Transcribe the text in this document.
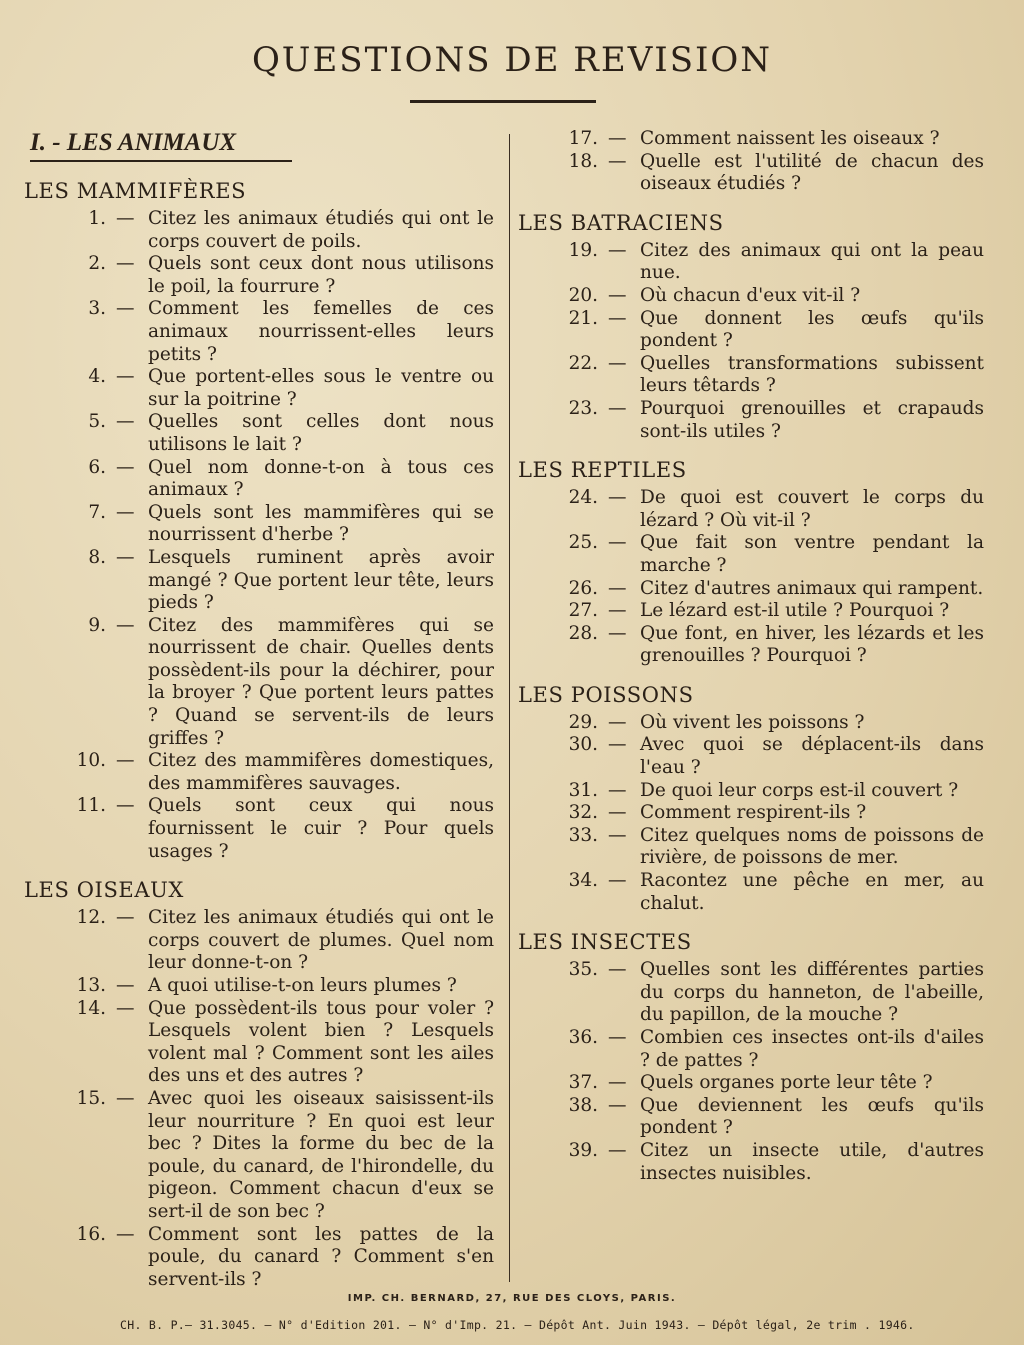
QUESTIONS DE REVISION
I. - LES ANIMAUX
LES MAMMIFÈRES
1. — Citez les animaux étudiés qui ont le corps couvert de poils.
2. — Quels sont ceux dont nous utilisons le poil, la fourrure ?
3. — Comment les femelles de ces animaux nourrissent-elles leurs petits ?
4. — Que portent-elles sous le ventre ou sur la poitrine ?
5. — Quelles sont celles dont nous utilisons le lait ?
6. — Quel nom donne-t-on à tous ces animaux ?
7. — Quels sont les mammifères qui se nourrissent d'herbe ?
8. — Lesquels ruminent après avoir mangé ? Que portent leur tête, leurs pieds ?
9. — Citez des mammifères qui se nourrissent de chair. Quelles dents possèdent-ils pour la déchirer, pour la broyer ? Que portent leurs pattes ? Quand se servent-ils de leurs griffes ?
10. — Citez des mammifères domestiques, des mammifères sauvages.
11. — Quels sont ceux qui nous fournissent le cuir ? Pour quels usages ?
LES OISEAUX
12. — Citez les animaux étudiés qui ont le corps couvert de plumes. Quel nom leur donne-t-on ?
13. — A quoi utilise-t-on leurs plumes ?
14. — Que possèdent-ils tous pour voler ? Lesquels volent bien ? Lesquels volent mal ? Comment sont les ailes des uns et des autres ?
15. — Avec quoi les oiseaux saisissent-ils leur nourriture ? En quoi est leur bec ? Dites la forme du bec de la poule, du canard, de l'hirondelle, du pigeon. Comment chacun d'eux se sert-il de son bec ?
16. — Comment sont les pattes de la poule, du canard ? Comment s'en servent-ils ?
17. — Comment naissent les oiseaux ?
18. — Quelle est l'utilité de chacun des oiseaux étudiés ?
LES BATRACIENS
19. — Citez des animaux qui ont la peau nue.
20. — Où chacun d'eux vit-il ?
21. — Que donnent les œufs qu'ils pondent ?
22. — Quelles transformations subissent leurs têtards ?
23. — Pourquoi grenouilles et crapauds sont-ils utiles ?
LES REPTILES
24. — De quoi est couvert le corps du lézard ? Où vit-il ?
25. — Que fait son ventre pendant la marche ?
26. — Citez d'autres animaux qui rampent.
27. — Le lézard est-il utile ? Pourquoi ?
28. — Que font, en hiver, les lézards et les grenouilles ? Pourquoi ?
LES POISSONS
29. — Où vivent les poissons ?
30. — Avec quoi se déplacent-ils dans l'eau ?
31. — De quoi leur corps est-il couvert ?
32. — Comment respirent-ils ?
33. — Citez quelques noms de poissons de rivière, de poissons de mer.
34. — Racontez une pêche en mer, au chalut.
LES INSECTES
35. — Quelles sont les différentes parties du corps du hanneton, de l'abeille, du papillon, de la mouche ?
36. — Combien ces insectes ont-ils d'ailes ? de pattes ?
37. — Quels organes porte leur tête ?
38. — Que deviennent les œufs qu'ils pondent ?
39. — Citez un insecte utile, d'autres insectes nuisibles.
IMP. CH. BERNARD, 27, RUE DES CLOYS, PARIS.
CH. B. P.— 31.3045. — N° d'Edition 201. — N° d'Imp. 21. — Dépôt Ant. Juin 1943. — Dépôt légal, 2e trim . 1946.
